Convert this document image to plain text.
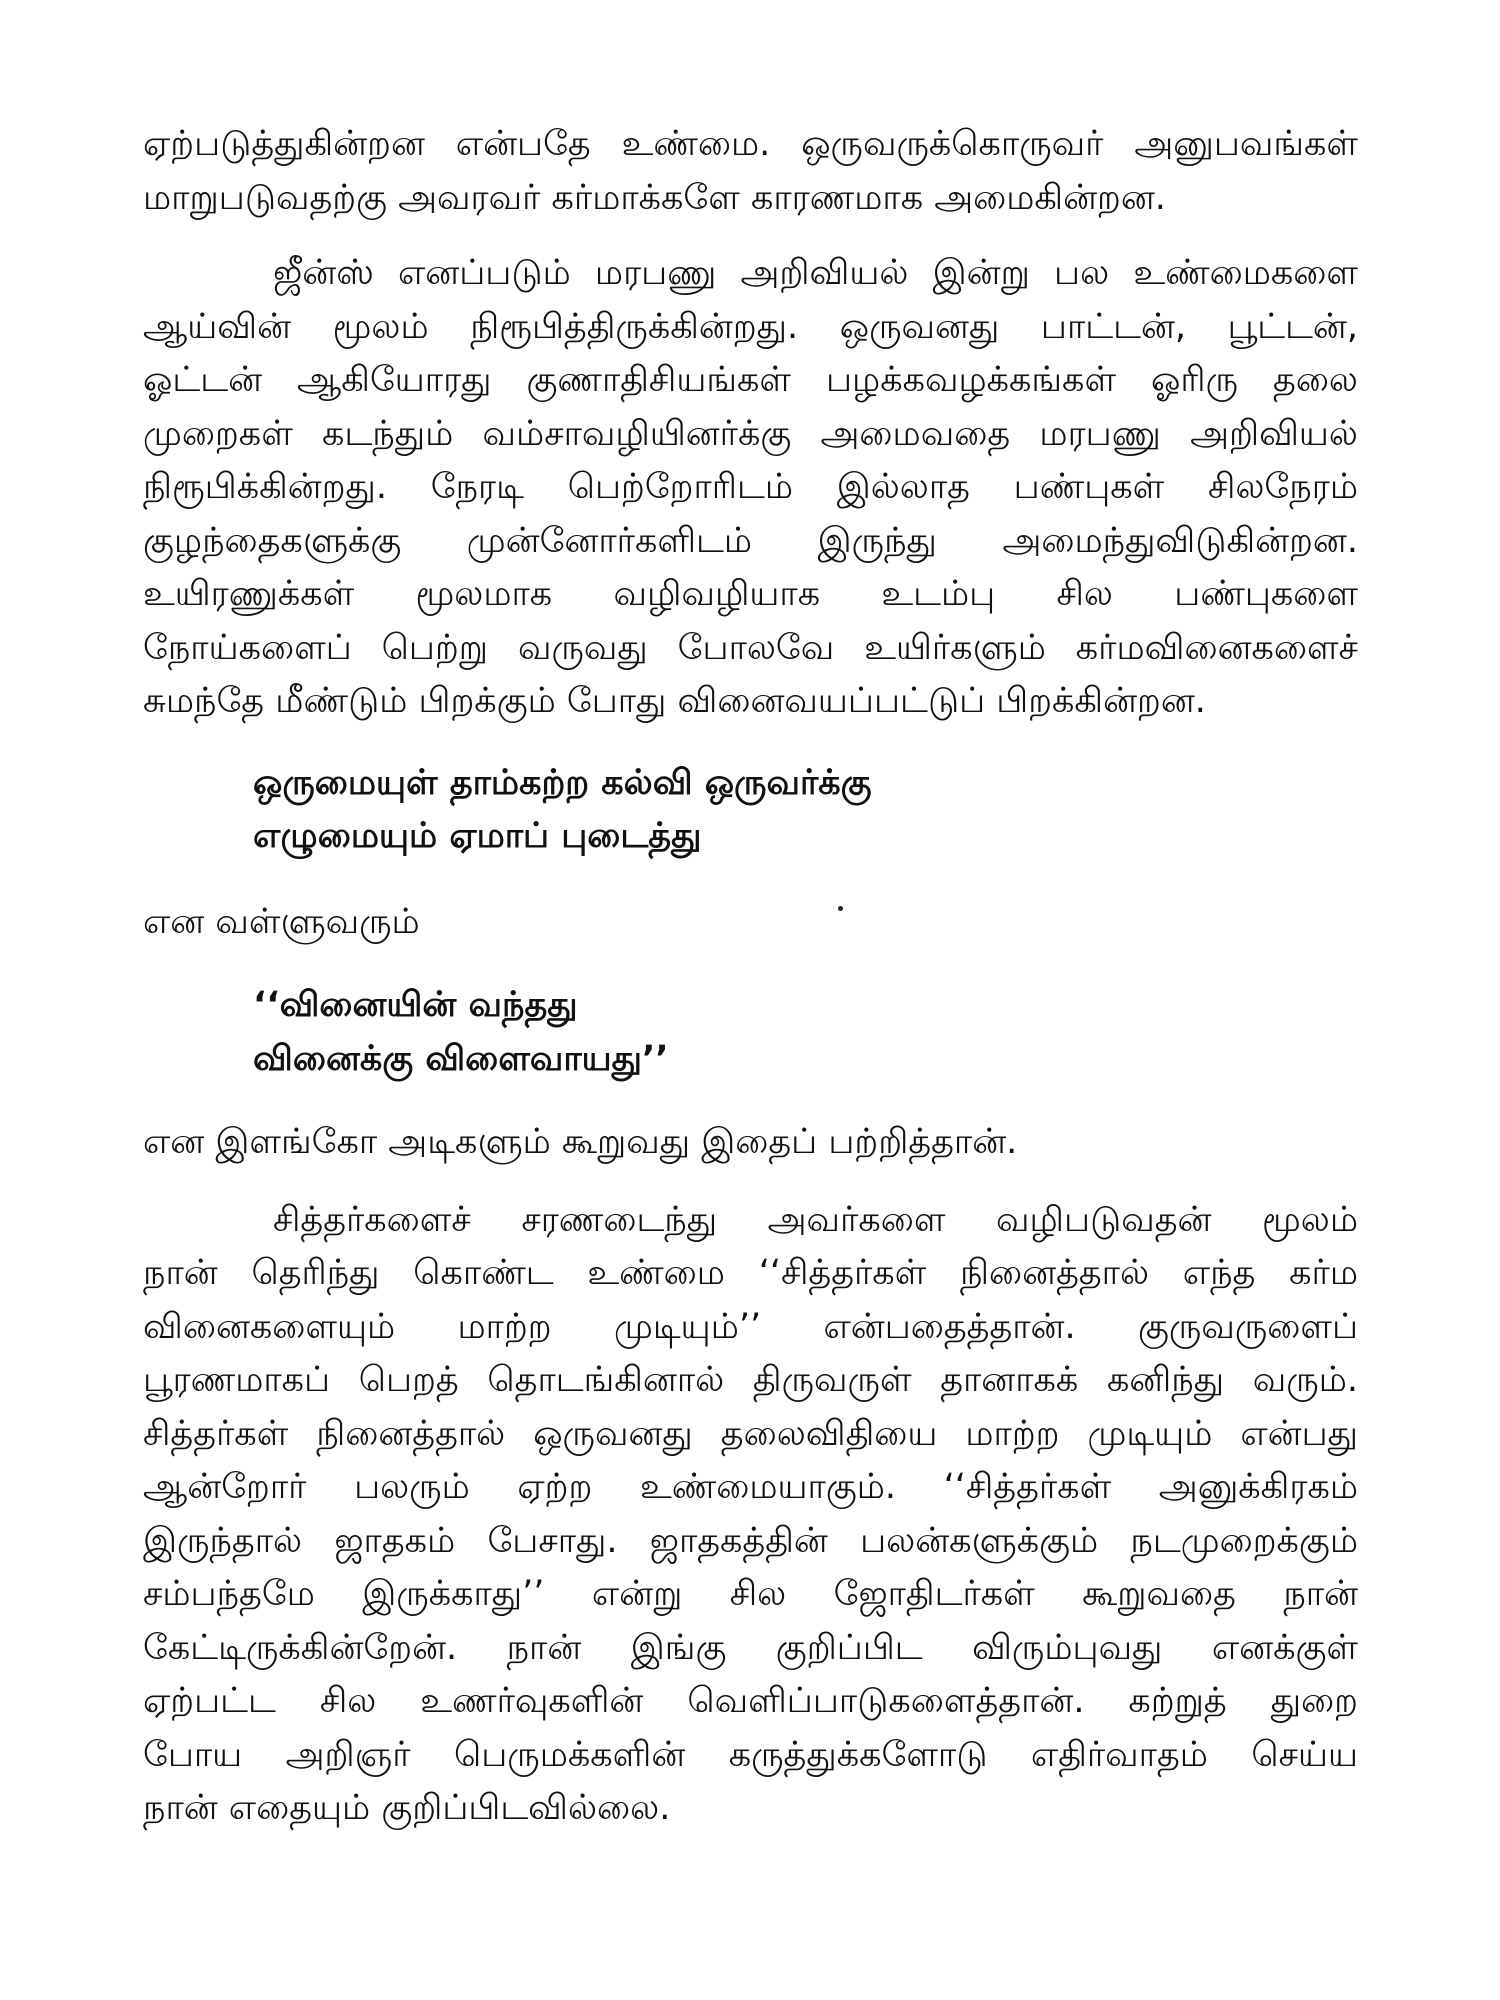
ஏற்படுத்துகின்றன என்பதே உண்மை. ஒருவருக்கொருவர் அனுபவங்கள்
மாறுபடுவதற்கு அவரவர் கர்மாக்களே காரணமாக அமைகின்றன.
ஜீன்ஸ் எனப்படும் மரபணு அறிவியல் இன்று பல உண்மைகளை
ஆய்வின் மூலம் நிரூபித்திருக்கின்றது. ஒருவனது பாட்டன், பூட்டன்,
ஓட்டன் ஆகியோரது குணாதிசியங்கள் பழக்கவழக்கங்கள் ஓரிரு தலை
முறைகள் கடந்தும் வம்சாவழியினர்க்கு அமைவதை மரபணு அறிவியல்
நிரூபிக்கின்றது. நேரடி பெற்றோரிடம் இல்லாத பண்புகள் சிலநேரம்
குழந்தைகளுக்கு முன்னோர்களிடம் இருந்து அமைந்துவிடுகின்றன.
உயிரணுக்கள் மூலமாக வழிவழியாக உடம்பு சில பண்புகளை
நோய்களைப் பெற்று வருவது போலவே உயிர்களும் கர்மவினைகளைச்
சுமந்தே மீண்டும் பிறக்கும் போது வினைவயப்பட்டுப் பிறக்கின்றன.
ஒருமையுள் தாம்கற்ற கல்வி ஒருவர்க்கு
எழுமையும் ஏமாப் புடைத்து
என வள்ளுவரும்
‘‘வினையின் வந்தது
வினைக்கு விளைவாயது’’
என இளங்கோ அடிகளும் கூறுவது இதைப் பற்றித்தான்.
சித்தர்களைச் சரணடைந்து அவர்களை வழிபடுவதன் மூலம்
நான் தெரிந்து கொண்ட உண்மை ‘‘சித்தர்கள் நினைத்தால் எந்த கர்ம
வினைகளையும் மாற்ற முடியும்’’ என்பதைத்தான். குருவருளைப்
பூரணமாகப் பெறத் தொடங்கினால் திருவருள் தானாகக் கனிந்து வரும்.
சித்தர்கள் நினைத்தால் ஒருவனது தலைவிதியை மாற்ற முடியும் என்பது
ஆன்றோர் பலரும் ஏற்ற உண்மையாகும். ‘‘சித்தர்கள் அனுக்கிரகம்
இருந்தால் ஜாதகம் பேசாது. ஜாதகத்தின் பலன்களுக்கும் நடமுறைக்கும்
சம்பந்தமே இருக்காது’’ என்று சில ஜோதிடர்கள் கூறுவதை நான்
கேட்டிருக்கின்றேன். நான் இங்கு குறிப்பிட விரும்புவது எனக்குள்
ஏற்பட்ட சில உணர்வுகளின் வெளிப்பாடுகளைத்தான். கற்றுத் துறை
போய அறிஞர் பெருமக்களின் கருத்துக்களோடு எதிர்வாதம் செய்ய
நான் எதையும் குறிப்பிடவில்லை.
